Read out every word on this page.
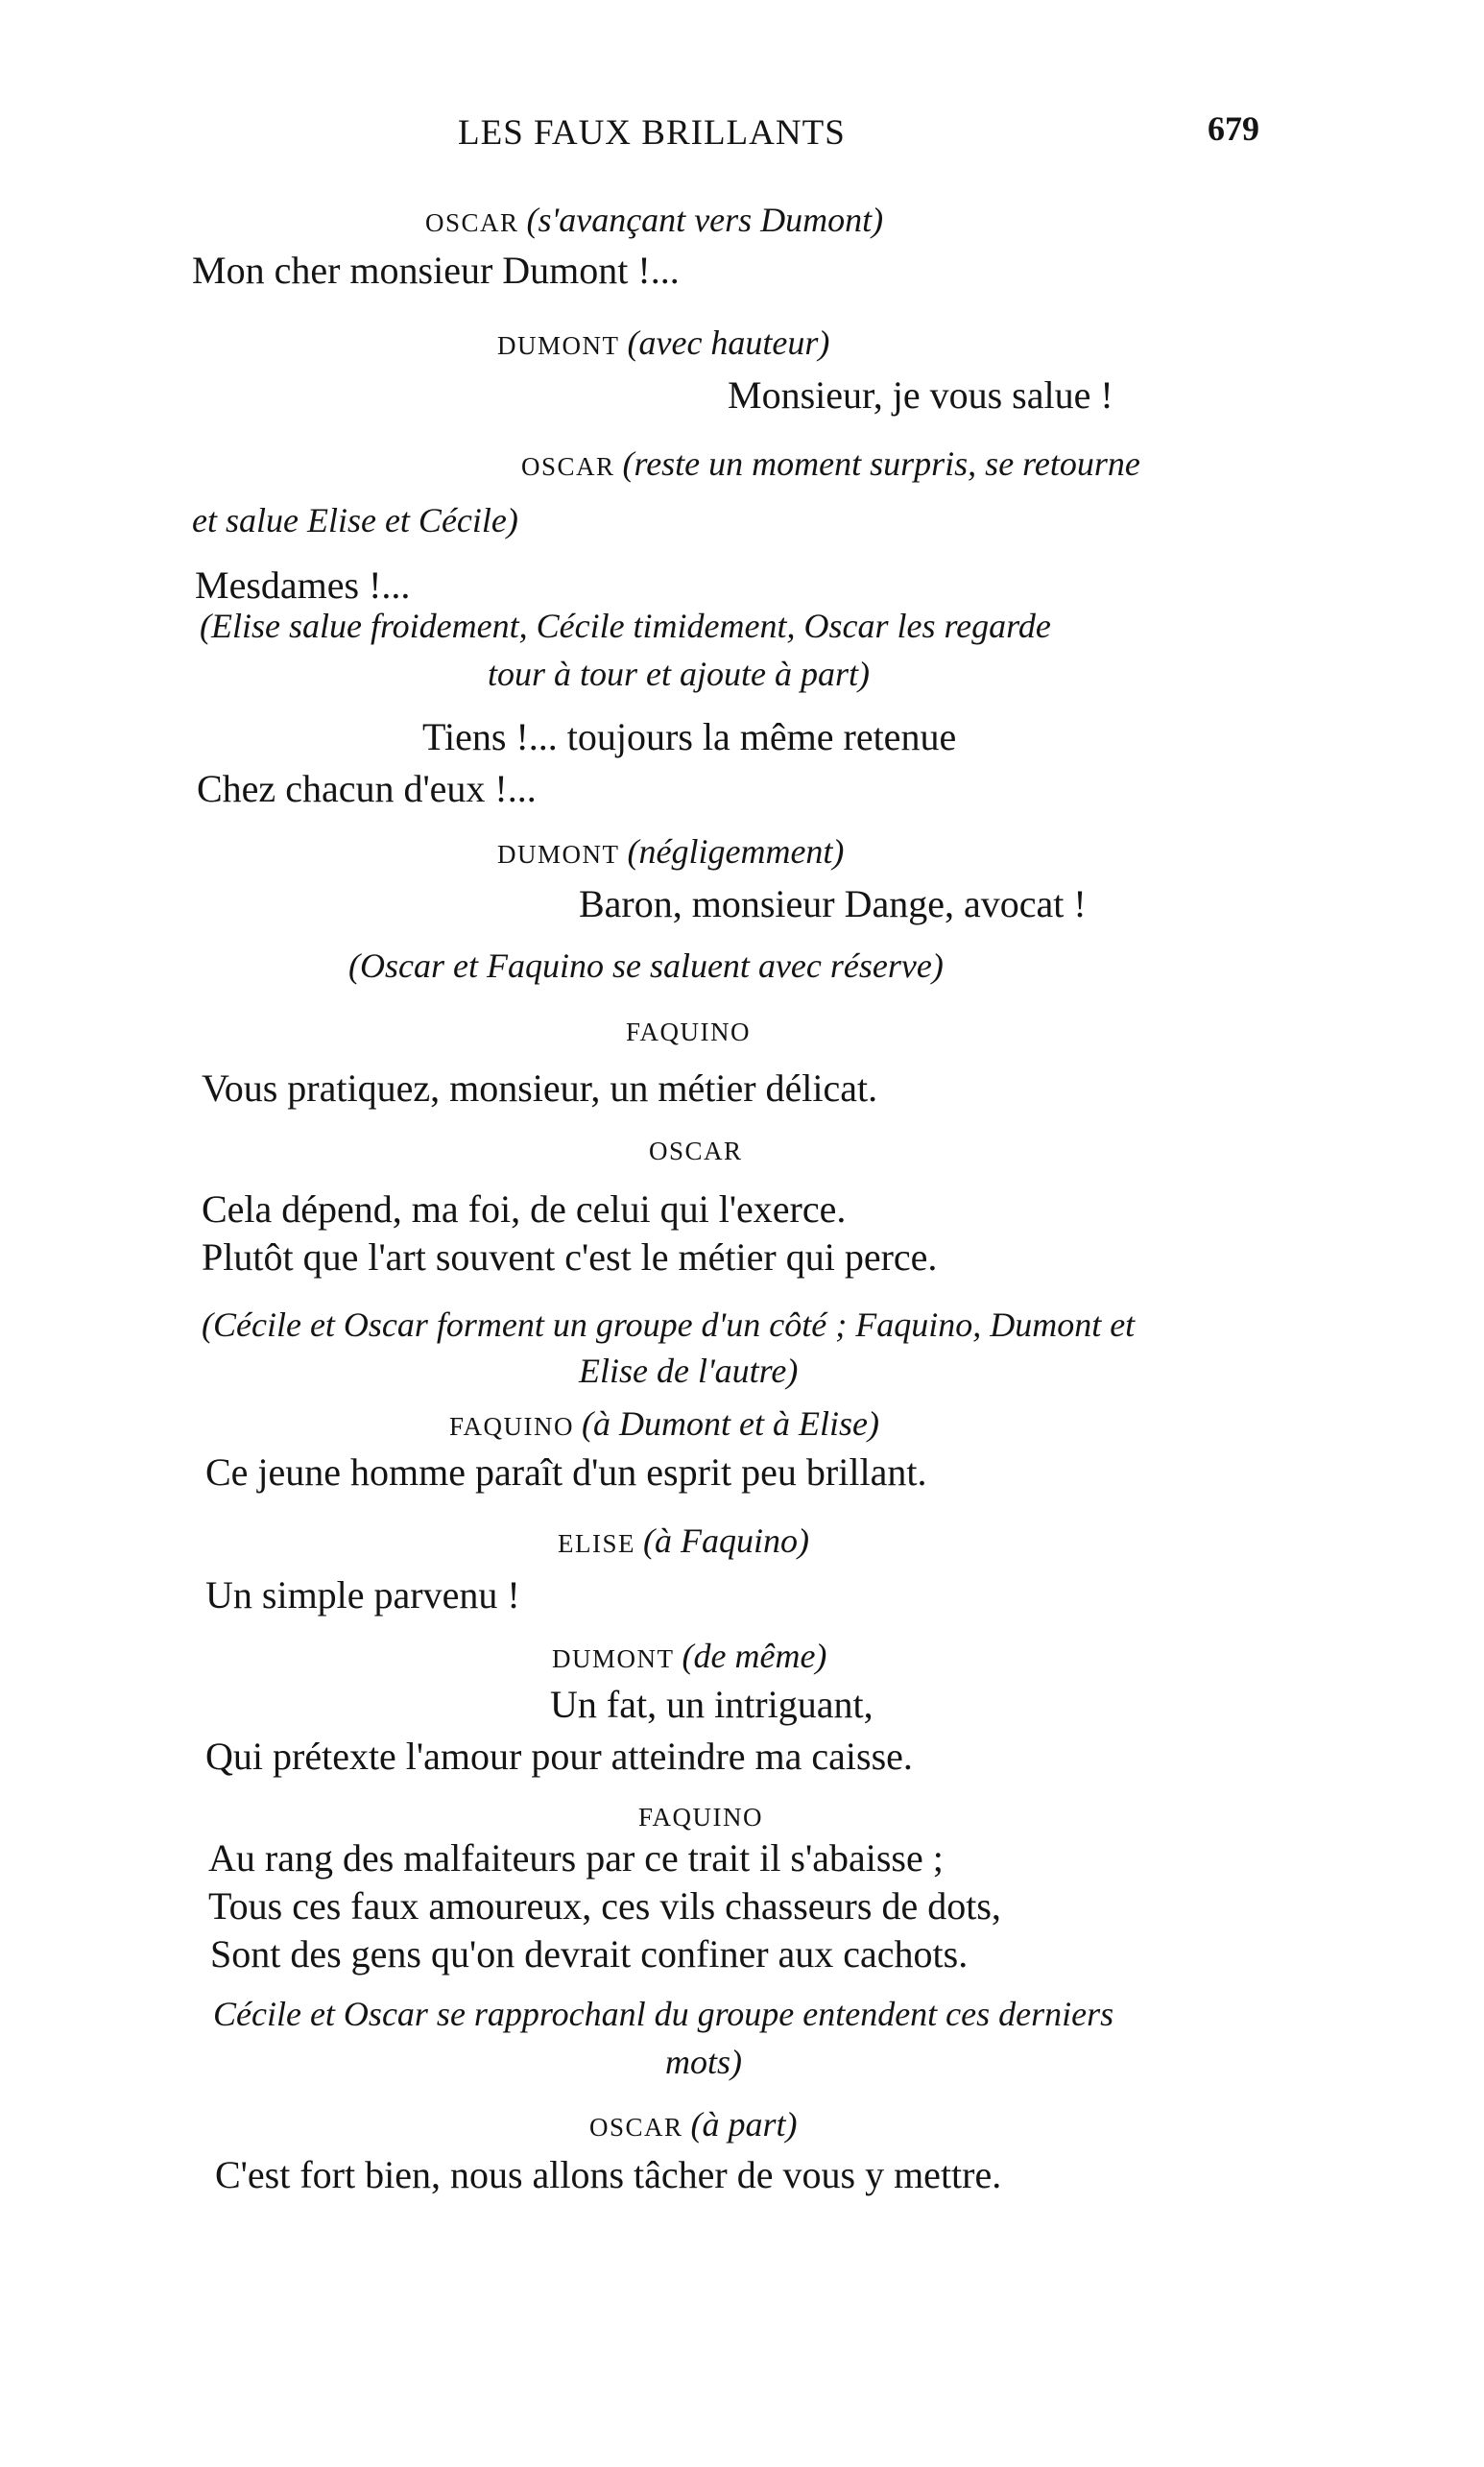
LES FAUX BRILLANTS	679
OSCAR (s'avançant vers Dumont)
Mon cher monsieur Dumont !...
DUMONT (avec hauteur)
Monsieur, je vous salue !
OSCAR (reste un moment surpris, se retourne
et salue Elise et Cécile)
Mesdames !...
(Elise salue froidement, Cécile timidement, Oscar les regarde
tour à tour et ajoute à part)
Tiens !... toujours la même retenue
Chez chacun d'eux !...
DUMONT (négligemment)
Baron, monsieur Dange, avocat !
(Oscar et Faquino se saluent avec réserve)
FAQUINO
Vous pratiquez, monsieur, un métier délicat.
OSCAR
Cela dépend, ma foi, de celui qui l'exerce.
Plutôt que l'art souvent c'est le métier qui perce.
(Cécile et Oscar forment un groupe d'un côté ; Faquino, Dumont et
Elise de l'autre)
FAQUINO (à Dumont et à Elise)
Ce jeune homme paraît d'un esprit peu brillant.
ELISE (à Faquino)
Un simple parvenu !
DUMONT (de même)
Un fat, un intriguant,
Qui prétexte l'amour pour atteindre ma caisse.
FAQUINO
Au rang des malfaiteurs par ce trait il s'abaisse ;
Tous ces faux amoureux, ces vils chasseurs de dots,
Sont des gens qu'on devrait confiner aux cachots.
Cécile et Oscar se rapprochanl du groupe entendent ces derniers
mots)
OSCAR (à part)
C'est fort bien, nous allons tâcher de vous y mettre.
